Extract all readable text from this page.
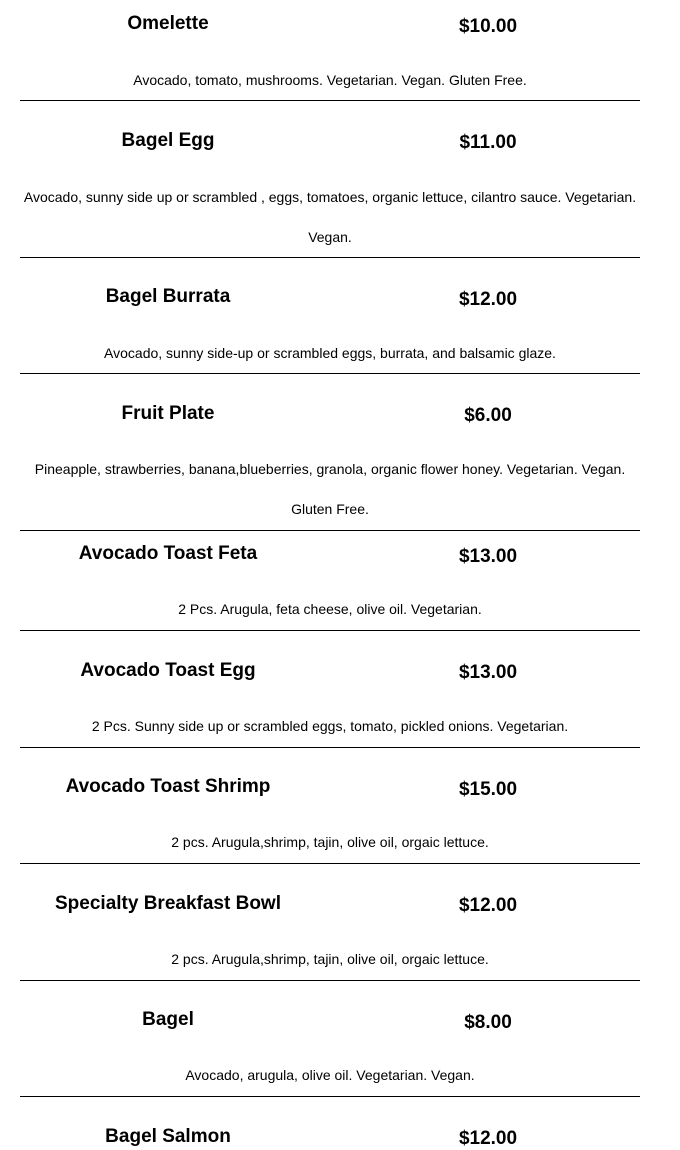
Omelette	$10.00
Avocado, tomato, mushrooms. Vegetarian. Vegan. Gluten Free.
Bagel Egg	$11.00
Avocado, sunny side up or scrambled , eggs, tomatoes, organic lettuce, cilantro sauce. Vegetarian. Vegan.
Bagel Burrata	$12.00
Avocado, sunny side-up or scrambled eggs, burrata, and balsamic glaze.
Fruit Plate	$6.00
Pineapple, strawberries, banana,blueberries, granola, organic flower honey. Vegetarian. Vegan. Gluten Free.
Avocado Toast Feta	$13.00
2 Pcs. Arugula, feta cheese, olive oil. Vegetarian.
Avocado Toast Egg	$13.00
2 Pcs. Sunny side up or scrambled eggs, tomato, pickled onions. Vegetarian.
Avocado Toast Shrimp	$15.00
2 pcs. Arugula,shrimp, tajin, olive oil, orgaic lettuce.
Specialty Breakfast Bowl	$12.00
2 pcs. Arugula,shrimp, tajin, olive oil, orgaic lettuce.
Bagel	$8.00
Avocado, arugula, olive oil. Vegetarian. Vegan.
Bagel Salmon	$12.00
